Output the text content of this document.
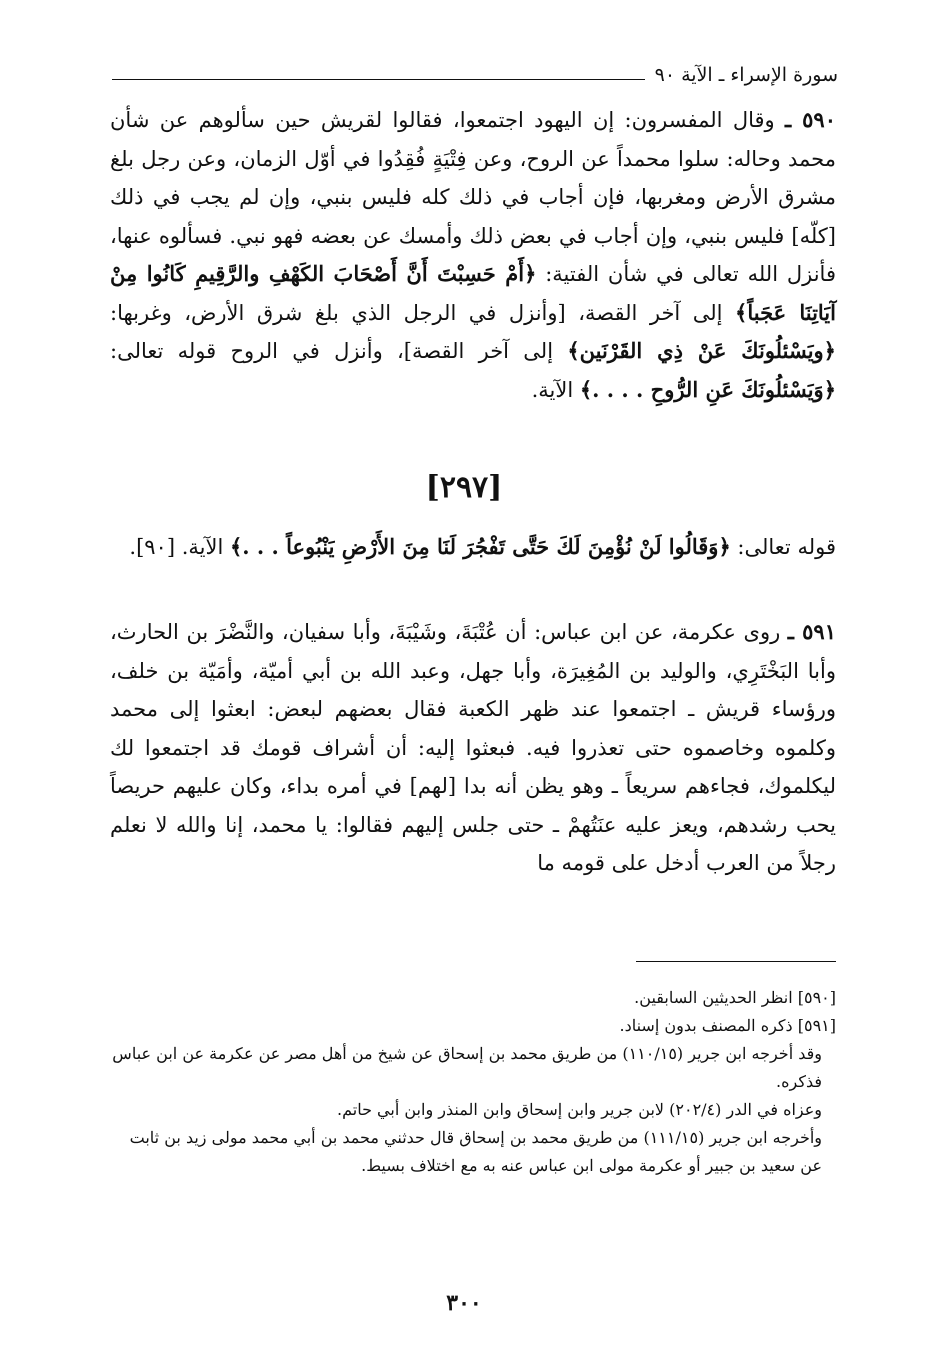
سورة الإسراء ـ الآية ٩٠
٥٩٠ ـ وقال المفسرون: إن اليهود اجتمعوا، فقالوا لقريش حين سألوهم عن شأن محمد وحاله: سلوا محمداً عن الروح، وعن فِتْيَةٍ فُقِدُوا في أوّل الزمان، وعن رجل بلغ مشرق الأرض ومغربها، فإن أجاب في ذلك كله فليس بنبي، وإن لم يجب في ذلك [كلّه] فليس بنبي، وإن أجاب في بعض ذلك وأمسك عن بعضه فهو نبي. فسألوه عنها، فأنزل الله تعالى في شأن الفتية: ﴿أَمْ حَسِبْتَ أَنَّ أَصْحَابَ الكَهْفِ والرَّقِيمِ كَانُوا مِنْ آيَاتِنَا عَجَباً﴾ إلى آخر القصة، [وأنزل في الرجل الذي بلغ شرق الأرض، وغربها: ﴿ويَسْئلُونَكَ عَنْ ذِي القَرْنَين﴾ إلى آخر القصة]، وأنزل في الروح قوله تعالى: ﴿وَيَسْئلُونَكَ عَنِ الرُّوحِ . . . .﴾ الآية.
[٢٩٧]
قوله تعالى: ﴿وَقَالُوا لَنْ نُؤْمِنَ لَكَ حَتَّى تَفْجُرَ لَنَا مِنَ الأَرْضِ يَنْبُوعاً . . .﴾ الآية. [٩٠].
٥٩١ ـ روى عكرمة، عن ابن عباس: أن عُتْبَةَ، وشَيْبَةَ، وأبا سفيان، والنَّضْرَ بن الحارث، وأبا البَخْتَرِي، والوليد بن المُغِيرَة، وأبا جهل، وعبد الله بن أبي أميّة، وأمَيّة بن خلف، ورؤساء قريش ـ اجتمعوا عند ظهر الكعبة فقال بعضهم لبعض: ابعثوا إلى محمد وكلموه وخاصموه حتى تعذروا فيه. فبعثوا إليه: أن أشراف قومك قد اجتمعوا لك ليكلموك، فجاءهم سريعاً ـ وهو يظن أنه بدا [لهم] في أمره بداء، وكان عليهم حريصاً يحب رشدهم، ويعز عليه عنَتُهمْ ـ حتى جلس إليهم فقالوا: يا محمد، إنا والله لا نعلم رجلاً من العرب أدخل على قومه ما

[٥٩٠] انظر الحديثين السابقين.

[٥٩١] ذكره المصنف بدون إسناد.

وقد أخرجه ابن جرير (١١٠/١٥) من طريق محمد بن إسحاق عن شيخ من أهل مصر عن عكرمة عن ابن عباس فذكره.

وعزاه في الدر (٢٠٢/٤) لابن جرير وابن إسحاق وابن المنذر وابن أبي حاتم.

وأخرجه ابن جرير (١١١/١٥) من طريق محمد بن إسحاق قال حدثني محمد بن أبي محمد مولى زيد بن ثابت عن سعيد بن جبير أو عكرمة مولى ابن عباس عنه به مع اختلاف بسيط.

٣٠٠
